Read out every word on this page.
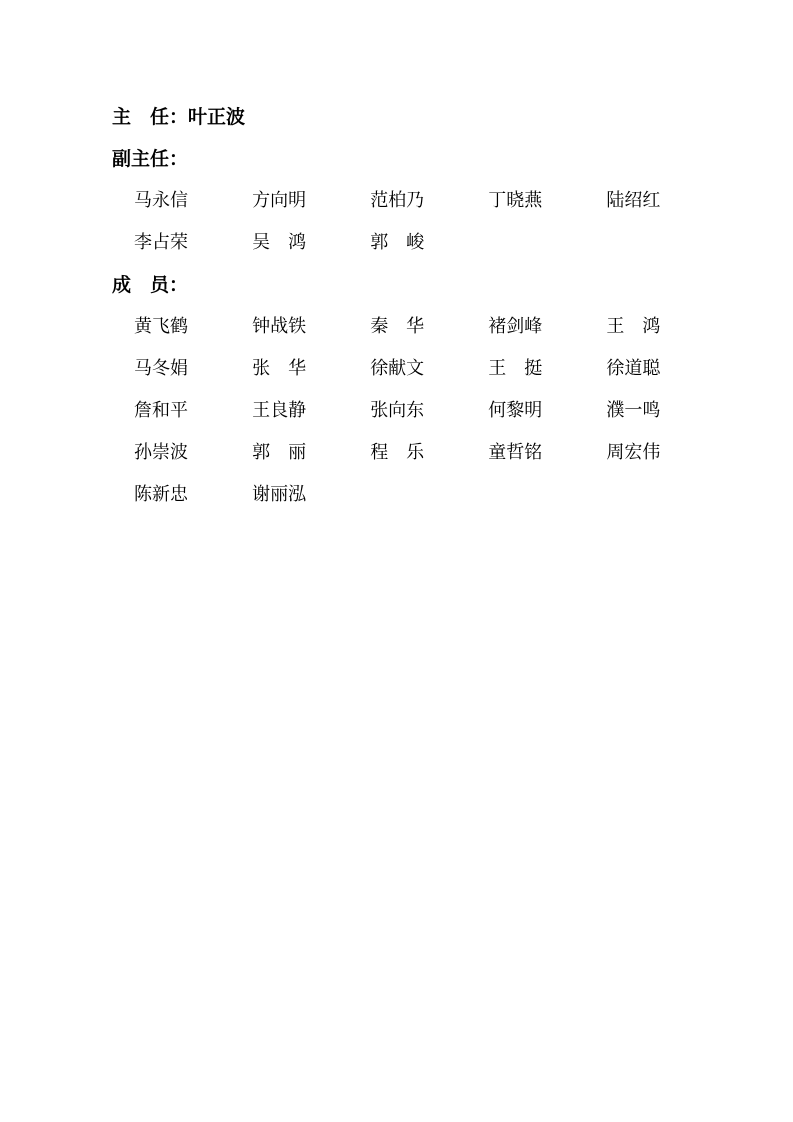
主　任：叶正波
副主任：
马永信	方向明	范柏乃	丁晓燕	陆绍红
李占荣	吴　鸿	郭　峻
成　员：
黄飞鹤	钟战铁	秦　华	褚剑峰	王　鸿
马冬娟	张　华	徐献文	王　挺	徐道聪
詹和平	王良静	张向东	何黎明	濮一鸣
孙崇波	郭　丽	程　乐	童哲铭	周宏伟
陈新忠	谢丽泓
